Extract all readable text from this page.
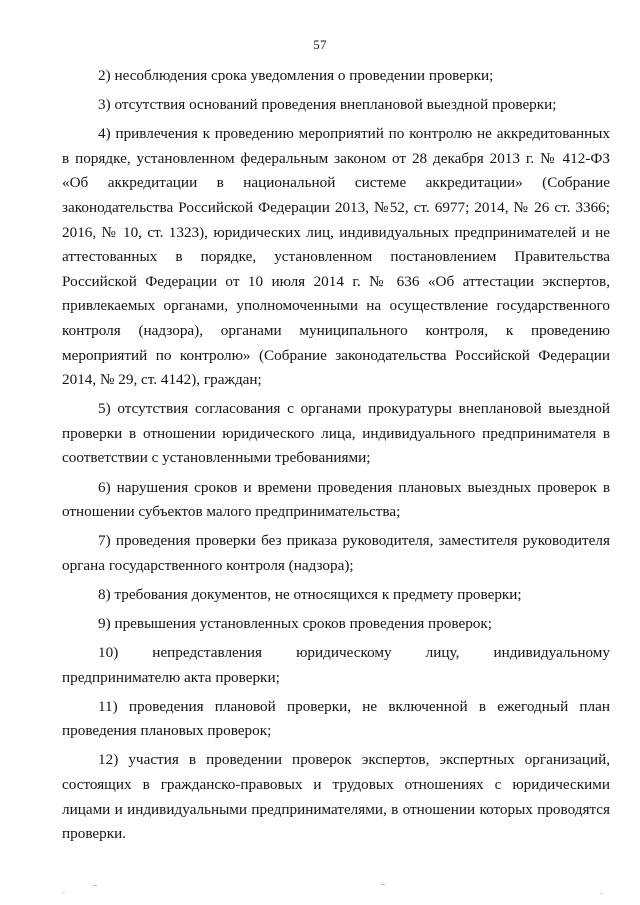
57

2) несоблюдения срока уведомления о проведении проверки;

3) отсутствия оснований проведения внеплановой выездной проверки;

4) привлечения к проведению мероприятий по контролю не аккредитованных в порядке, установленном федеральным законом от 28 декабря 2013 г. № 412-ФЗ «Об аккредитации в национальной системе аккредитации» (Собрание законодательства Российской Федерации 2013, №52, ст. 6977; 2014, № 26 ст. 3366; 2016, № 10, ст. 1323), юридических лиц, индивидуальных предпринимателей и не аттестованных в порядке, установленном постановлением Правительства Российской Федерации от 10 июля 2014 г. № 636 «Об аттестации экспертов, привлекаемых органами, уполномоченными на осуществление государственного контроля (надзора), органами муниципального контроля, к проведению мероприятий по контролю» (Собрание законодательства Российской Федерации 2014, № 29, ст. 4142), граждан;

5) отсутствия согласования с органами прокуратуры внеплановой выездной проверки в отношении юридического лица, индивидуального предпринимателя в соответствии с установленными требованиями;

6) нарушения сроков и времени проведения плановых выездных проверок в отношении субъектов малого предпринимательства;

7) проведения проверки без приказа руководителя, заместителя руководителя органа государственного контроля (надзора);

8) требования документов, не относящихся к предмету проверки;

9) превышения установленных сроков проведения проверок;

10) непредставления юридическому лицу, индивидуальному предпринимателю акта проверки;

11) проведения плановой проверки, не включенной в ежегодный план проведения плановых проверок;

12) участия в проведении проверок экспертов, экспертных организаций, состоящих в гражданско-правовых и трудовых отношениях с юридическими лицами и индивидуальными предпринимателями, в отношении которых проводятся проверки.
